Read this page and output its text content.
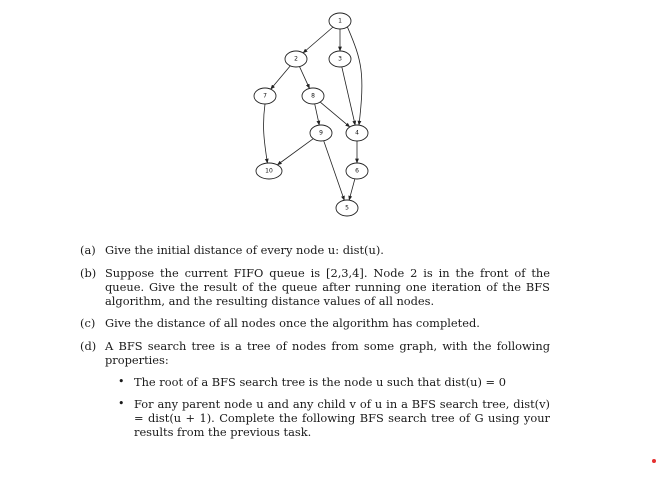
1
2	3
7	8
9	4
10	6
5
(a) Give the initial distance of every node u: dist(u).
(b) Suppose the current FIFO queue is [2,3,4]. Node 2 is in the front of the queue. Give the result of the queue after running one iteration of the BFS algorithm, and the resulting distance values of all nodes.
(c) Give the distance of all nodes once the algorithm has completed.
(d) A BFS search tree is a tree of nodes from some graph, with the following properties:
• The root of a BFS search tree is the node u such that dist(u) = 0
• For any parent node u and any child v of u in a BFS search tree, dist(v) = dist(u + 1). Complete the following BFS search tree of G using your results from the previous task.
